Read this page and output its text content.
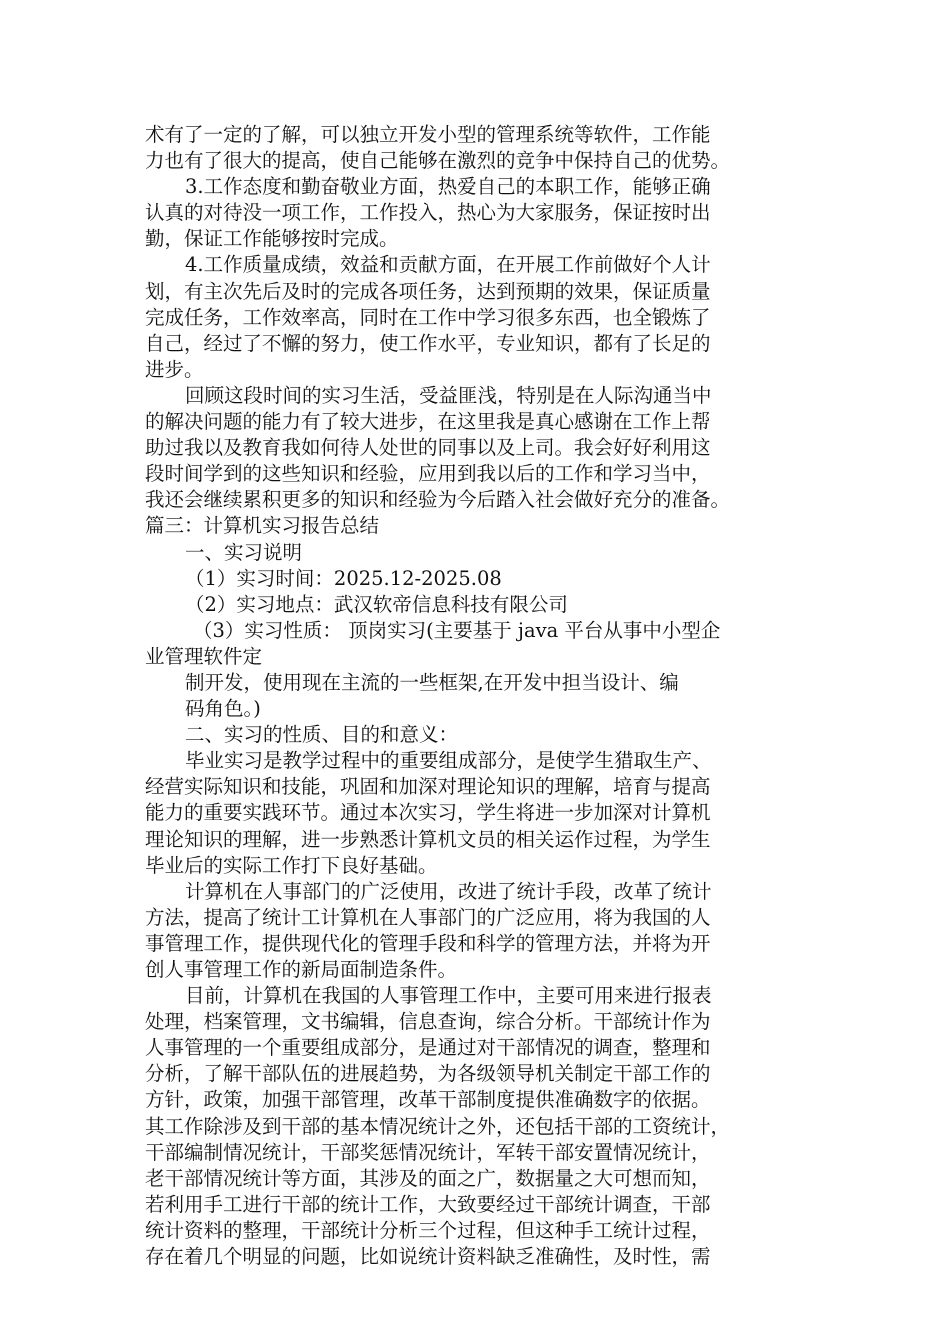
术有了一定的了解，可以独立开发小型的管理系统等软件，工作能
力也有了很大的提高，使自己能够在激烈的竞争中保持自己的优势。
3.工作态度和勤奋敬业方面，热爱自己的本职工作，能够正确
认真的对待没一项工作，工作投入，热心为大家服务，保证按时出
勤，保证工作能够按时完成。
4.工作质量成绩，效益和贡献方面，在开展工作前做好个人计
划，有主次先后及时的完成各项任务，达到预期的效果，保证质量
完成任务，工作效率高，同时在工作中学习很多东西，也全锻炼了
自己，经过了不懈的努力，使工作水平，专业知识，都有了长足的
进步。
回顾这段时间的实习生活，受益匪浅，特别是在人际沟通当中
的解决问题的能力有了较大进步，在这里我是真心感谢在工作上帮
助过我以及教育我如何待人处世的同事以及上司。我会好好利用这
段时间学到的这些知识和经验，应用到我以后的工作和学习当中，
我还会继续累积更多的知识和经验为今后踏入社会做好充分的准备。
篇三：计算机实习报告总结
一、实习说明
（1）实习时间：2025.12-2025.08
（2）实习地点：武汉软帝信息科技有限公司
（3）实习性质： 顶岗实习(主要基于 java 平台从事中小型企
业管理软件定
制开发，使用现在主流的一些框架,在开发中担当设计、编
码角色。)
二、实习的性质、目的和意义：
毕业实习是教学过程中的重要组成部分，是使学生猎取生产、
经营实际知识和技能，巩固和加深对理论知识的理解，培育与提高
能力的重要实践环节。通过本次实习，学生将进一步加深对计算机
理论知识的理解，进一步熟悉计算机文员的相关运作过程，为学生
毕业后的实际工作打下良好基础。
计算机在人事部门的广泛使用，改进了统计手段，改革了统计
方法，提高了统计工计算机在人事部门的广泛应用，将为我国的人
事管理工作，提供现代化的管理手段和科学的管理方法，并将为开
创人事管理工作的新局面制造条件。
目前，计算机在我国的人事管理工作中，主要可用来进行报表
处理，档案管理，文书编辑，信息查询，综合分析。干部统计作为
人事管理的一个重要组成部分，是通过对干部情况的调查，整理和
分析，了解干部队伍的进展趋势，为各级领导机关制定干部工作的
方针，政策，加强干部管理，改革干部制度提供准确数字的依据。
其工作除涉及到干部的基本情况统计之外，还包括干部的工资统计，
干部编制情况统计，干部奖惩情况统计，军转干部安置情况统计，
老干部情况统计等方面，其涉及的面之广，数据量之大可想而知，
若利用手工进行干部的统计工作，大致要经过干部统计调查，干部
统计资料的整理，干部统计分析三个过程，但这种手工统计过程，
存在着几个明显的问题，比如说统计资料缺乏准确性，及时性，需
